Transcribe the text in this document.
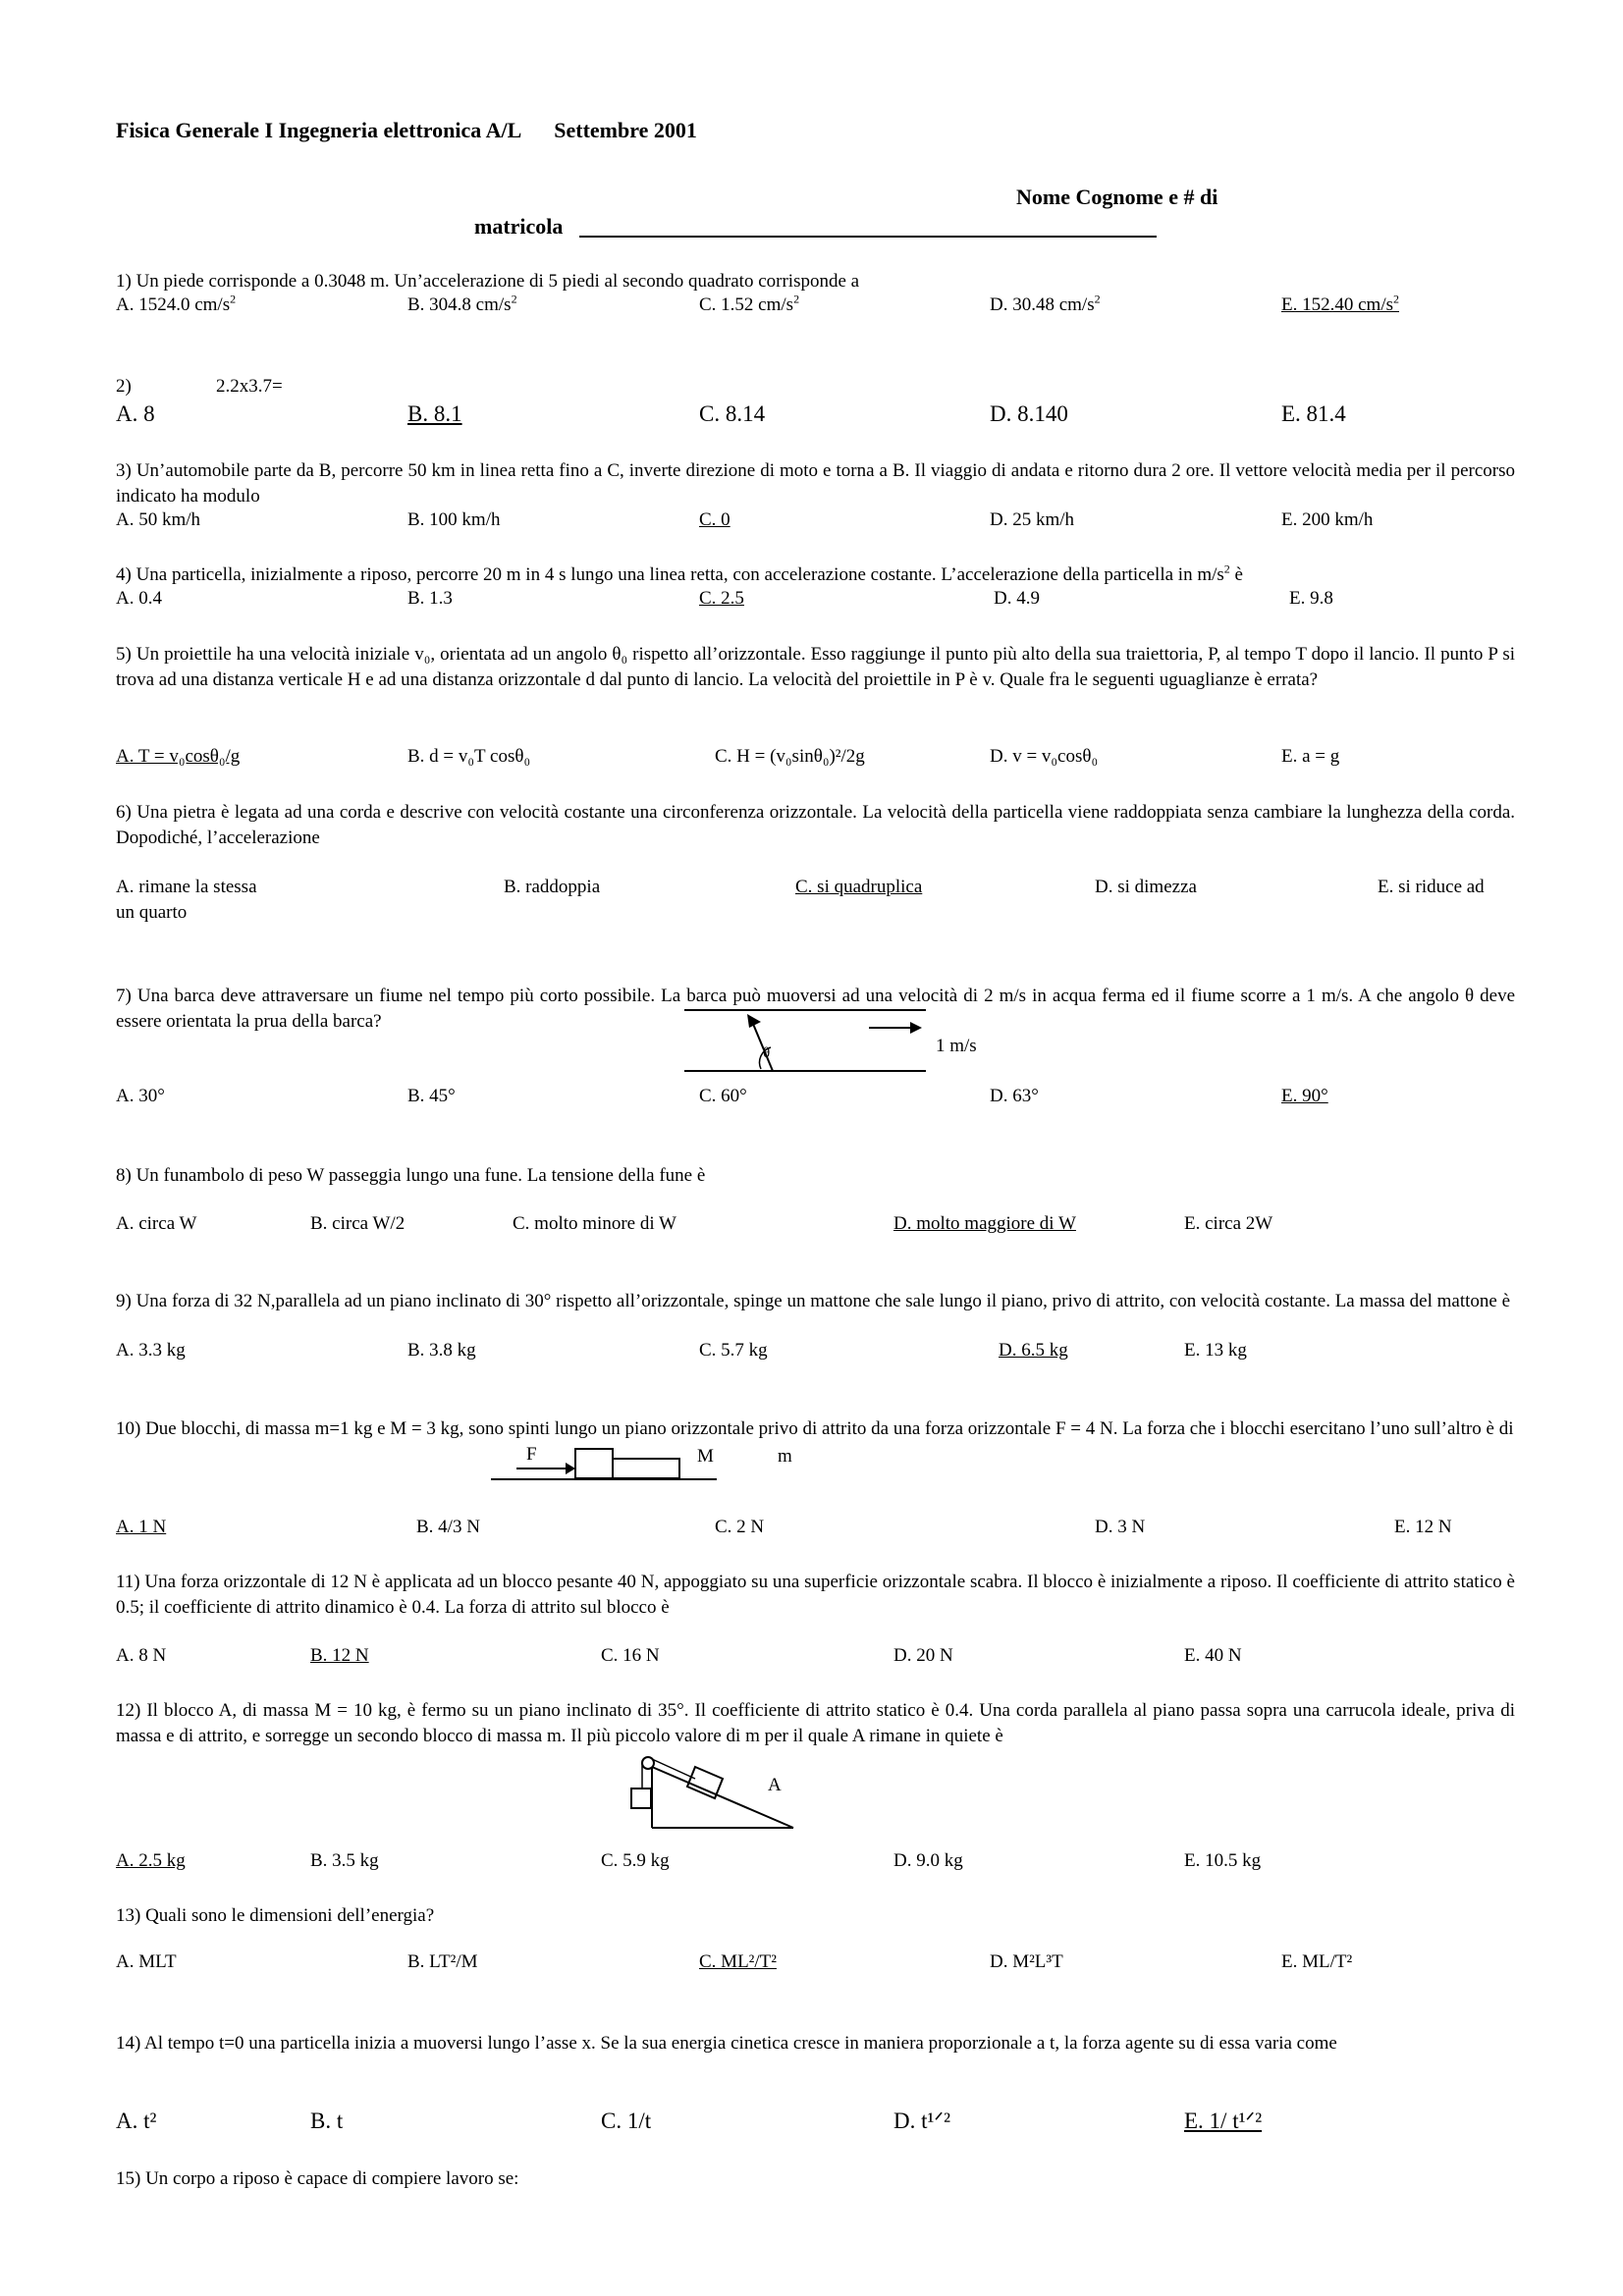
Fisica Generale I Ingegneria elettronica A/L Settembre 2001
Nome Cognome e # di
matricola
1) Un piede corrisponde a 0.3048 m. Un’accelerazione di 5 piedi al secondo quadrato corrisponde a
A. 1524.0 $cm/s^2$	B. 304.8 $cm/s^2$	C. 1.52 $cm/s^2$	D. 30.48 $cm/s^2$	E. 152.40 $cm/s^2$
2)	2.2x3.7=
A. 8	B. 8.1	C. 8.14	D. 8.140	E. 81.4
3) Un’automobile parte da B, percorre 50 km in linea retta fino a C, inverte direzione di moto e torna a B. Il viaggio di andata e ritorno dura 2 ore. Il vettore velocità media per il percorso indicato ha modulo
A. 50 km/h	B. 100 km/h	C. 0	D. 25 km/h	E. 200 km/h
4) Una particella, inizialmente a riposo, percorre 20 m in 4 s lungo una linea retta, con accelerazione costante. L’accelerazione della particella in $m/s^2$ è
A. 0.4	B. 1.3	C. 2.5	D. 4.9	E. 9.8
5) Un proiettile ha una velocità iniziale v₀, orientata ad un angolo θ₀ rispetto all’orizzontale. Esso raggiunge il punto più alto della sua traiettoria, P, al tempo T dopo il lancio. Il punto P si trova ad una distanza verticale H e ad una distanza orizzontale d dal punto di lancio. La velocità del proiettile in P è v. Quale fra le seguenti uguaglianze è errata?
A. T = v₀cosθ₀/g	B. d = v₀T cosθ₀	C. H = (v₀sinθ₀)²/2g	D. v = v₀cosθ₀	E. a = g
6) Una pietra è legata ad una corda e descrive con velocità costante una circonferenza orizzontale. La velocità della particella viene raddoppiata senza cambiare la lunghezza della corda. Dopodiché, l’accelerazione
A. rimane la stessa	B. raddoppia	C. si quadruplica	D. si dimezza	E. si riduce ad
un quarto
7) Una barca deve attraversare un fiume nel tempo più corto possibile. La barca può muoversi ad una velocità di 2 m/s in acqua ferma ed il fiume scorre a 1 m/s. A che angolo θ deve essere orientata la prua della barca?
θ	1 m/s
A. 30°	B. 45°	C. 60°	D. 63°	E. 90°
8) Un funambolo di peso W passeggia lungo una fune. La tensione della fune è
A. circa W	B. circa W/2	C. molto minore di W	D. molto maggiore di W	E. circa 2W
9) Una forza di 32 N,parallela ad un piano inclinato di 30° rispetto all’orizzontale, spinge un mattone che sale lungo il piano, privo di attrito, con velocità costante. La massa del mattone è
A. 3.3 kg	B. 3.8 kg	C. 5.7 kg	D. 6.5 kg	E. 13 kg
10) Due blocchi, di massa m=1 kg e M = 3 kg, sono spinti lungo un piano orizzontale privo di attrito da una forza orizzontale F = 4 N. La forza che i blocchi esercitano l’uno sull’altro è di
F	M	m
A. 1 N	B. 4/3 N	C. 2 N	D. 3 N	E. 12 N
11) Una forza orizzontale di 12 N è applicata ad un blocco pesante 40 N, appoggiato su una superficie orizzontale scabra. Il blocco è inizialmente a riposo. Il coefficiente di attrito statico è 0.5; il coefficiente di attrito dinamico è 0.4. La forza di attrito sul blocco è
A. 8 N	B. 12 N	C. 16 N	D. 20 N	E. 40 N
12) Il blocco A, di massa M = 10 kg, è fermo su un piano inclinato di 35°. Il coefficiente di attrito statico è 0.4. Una corda parallela al piano passa sopra una carrucola ideale, priva di massa e di attrito, e sorregge un secondo blocco di massa m. Il più piccolo valore di m per il quale A rimane in quiete è
A
A. 2.5 kg	B. 3.5 kg	C. 5.9 kg	D. 9.0 kg	E. 10.5 kg
13) Quali sono le dimensioni dell’energia?
A. MLT	B. LT²/M	C. ML²/T²	D. M²L³T	E. ML/T²
14) Al tempo t=0 una particella inizia a muoversi lungo l’asse x. Se la sua energia cinetica cresce in maniera proporzionale a t, la forza agente su di essa varia come
A. t²	B. t	C. 1/t	D. t¹ᐟ²	E. 1/ t¹ᐟ²
15) Un corpo a riposo è capace di compiere lavoro se:
